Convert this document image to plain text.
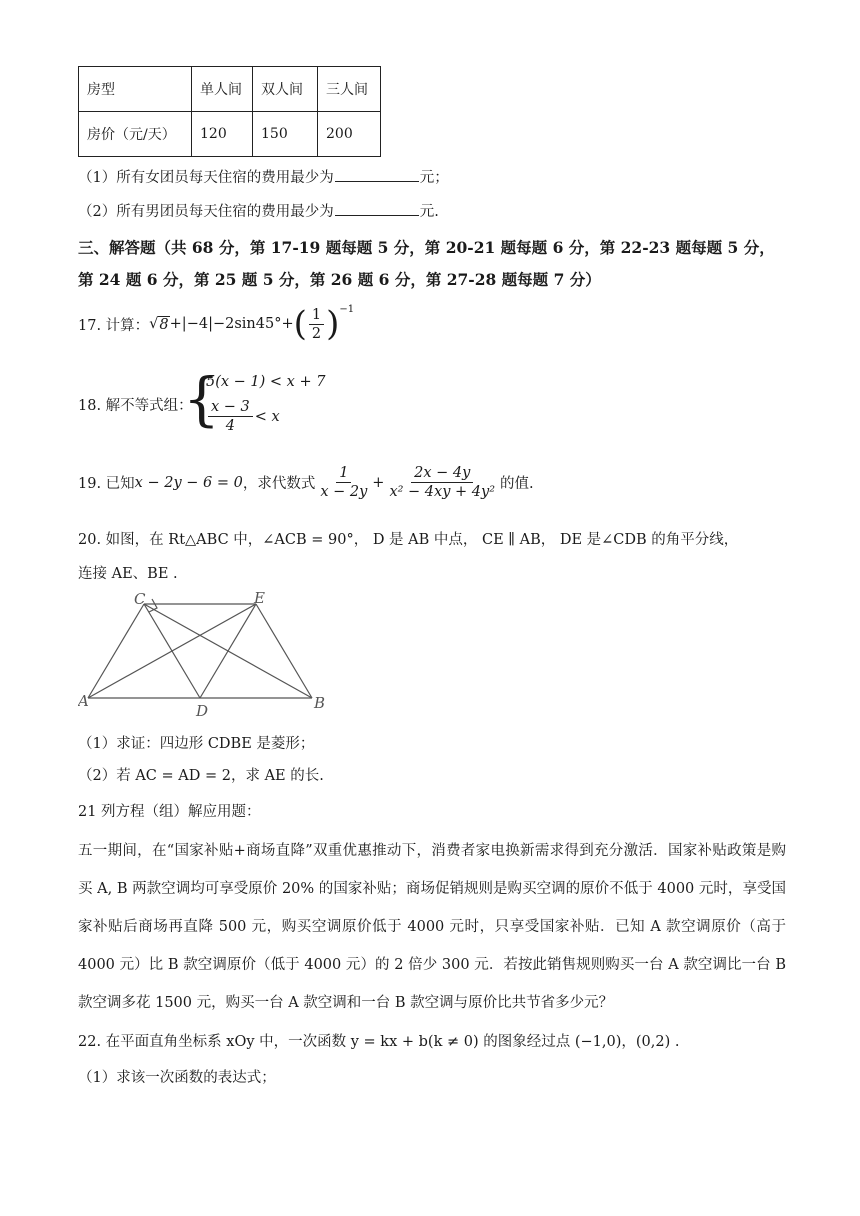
房型	单人间	双人间	三人间
房价（元/天）	120	150	200
（1）所有女团员每天住宿的费用最少为	元；
（2）所有男团员每天住宿的费用最少为	元.
三、解答题（共 68 分，第 17-19 题每题 5 分，第 20-21 题每题 6 分，第 22-23 题每题 5 分，
第 24 题 6 分，第 25 题 5 分，第 26 题 6 分，第 27-28 题每题 7 分）
17. 计算： √ 8 +|−4|−2sin45°+ ( $\frac{1}{2} )^{-1}$
18. 解不等式组：
{
5(x − 1) < x + 7
$\frac{x - 3}{4} < x$
19. 已知 x − 2y − 6 = 0 ，求代数式 $\frac{1}{x - 2y} + \frac{2x - 4y}{\text{x² − 4xy + 4y²}}$ 的值.
20. 如图，在 Rt△ABC 中，∠ACB = 90°， D 是 AB 中点， CE ∥ AB， DE 是∠CDB 的角平分线，
连接 AE、BE .
C	E
A
D	B
（1）求证：四边形 CDBE 是菱形；
（2）若 AC = AD = 2，求 AE 的长.
21 列方程（组）解应用题：
五一期间，在“国家补贴+商场直降”双重优惠推动下，消费者家电换新需求得到充分激活．国家补贴政策是购买 A, B 两款空调均可享受原价 20% 的国家补贴；商场促销规则是购买空调的原价不低于 4000 元时，享受国家补贴后商场再直降 500 元，购买空调原价低于 4000 元时，只享受国家补贴．已知 A 款空调原价（高于 4000 元）比 B 款空调原价（低于 4000 元）的 2 倍少 300 元．若按此销售规则购买一台 A 款空调比一台 B 款空调多花 1500 元，购买一台 A 款空调和一台 B 款空调与原价比共节省多少元？
22. 在平面直角坐标系 xOy 中，一次函数 y = kx + b(k ≠ 0) 的图象经过点 (−1,0)，(0,2) .
（1）求该一次函数的表达式；
